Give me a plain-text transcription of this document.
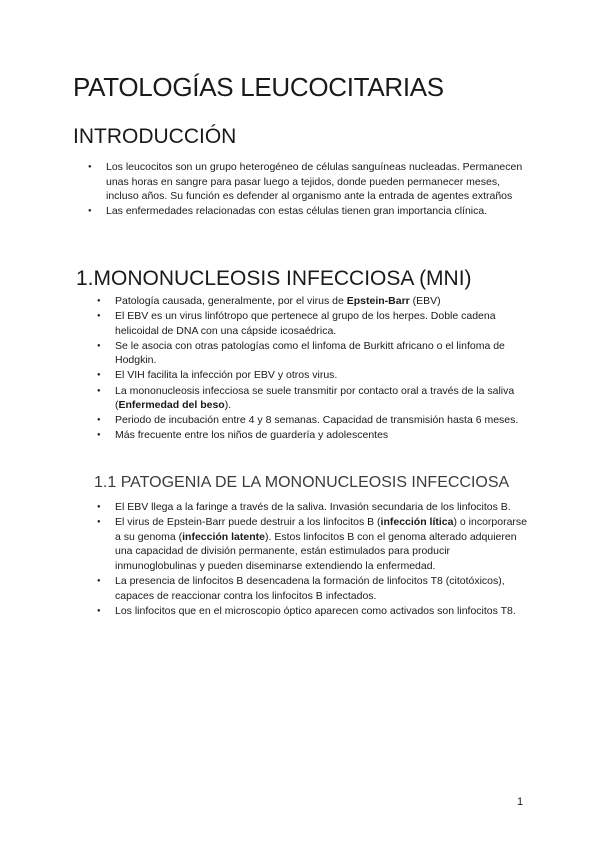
PATOLOGÍAS LEUCOCITARIAS
INTRODUCCIÓN
● Los leucocitos son un grupo heterogéneo de células sanguíneas nucleadas. Permanecen unas horas en sangre para pasar luego a tejidos, donde pueden permanecer meses, incluso años. Su función es defender al organismo ante la entrada de agentes extraños
● Las enfermedades relacionadas con estas células tienen gran importancia clínica.
1.MONONUCLEOSIS INFECCIOSA (MNI)
● Patología causada, generalmente, por el virus de Epstein-Barr (EBV)
● El EBV es un virus linfótropo que pertenece al grupo de los herpes. Doble cadena helicoidal de DNA con una cápside icosaédrica.
● Se le asocia con otras patologías como el linfoma de Burkitt africano o el linfoma de Hodgkin.
● El VIH facilita la infección por EBV y otros virus.
● La mononucleosis infecciosa se suele transmitir por contacto oral a través de la saliva (Enfermedad del beso).
● Periodo de incubación entre 4 y 8 semanas. Capacidad de transmisión hasta 6 meses.
● Más frecuente entre los niños de guardería y adolescentes
1.1 PATOGENIA DE LA MONONUCLEOSIS INFECCIOSA
● El EBV llega a la faringe a través de la saliva. Invasión secundaria de los linfocitos B.
● El virus de Epstein-Barr puede destruir a los linfocitos B (infección lítica) o incorporarse a su genoma (infección latente). Estos linfocitos B con el genoma alterado adquieren una capacidad de división permanente, están estimulados para producir inmunoglobulinas y pueden diseminarse extendiendo la enfermedad.
● La presencia de linfocitos B desencadena la formación de linfocitos T8 (citotóxicos), capaces de reaccionar contra los linfocitos B infectados.
● Los linfocitos que en el microscopio óptico aparecen como activados son linfocitos T8.
1
